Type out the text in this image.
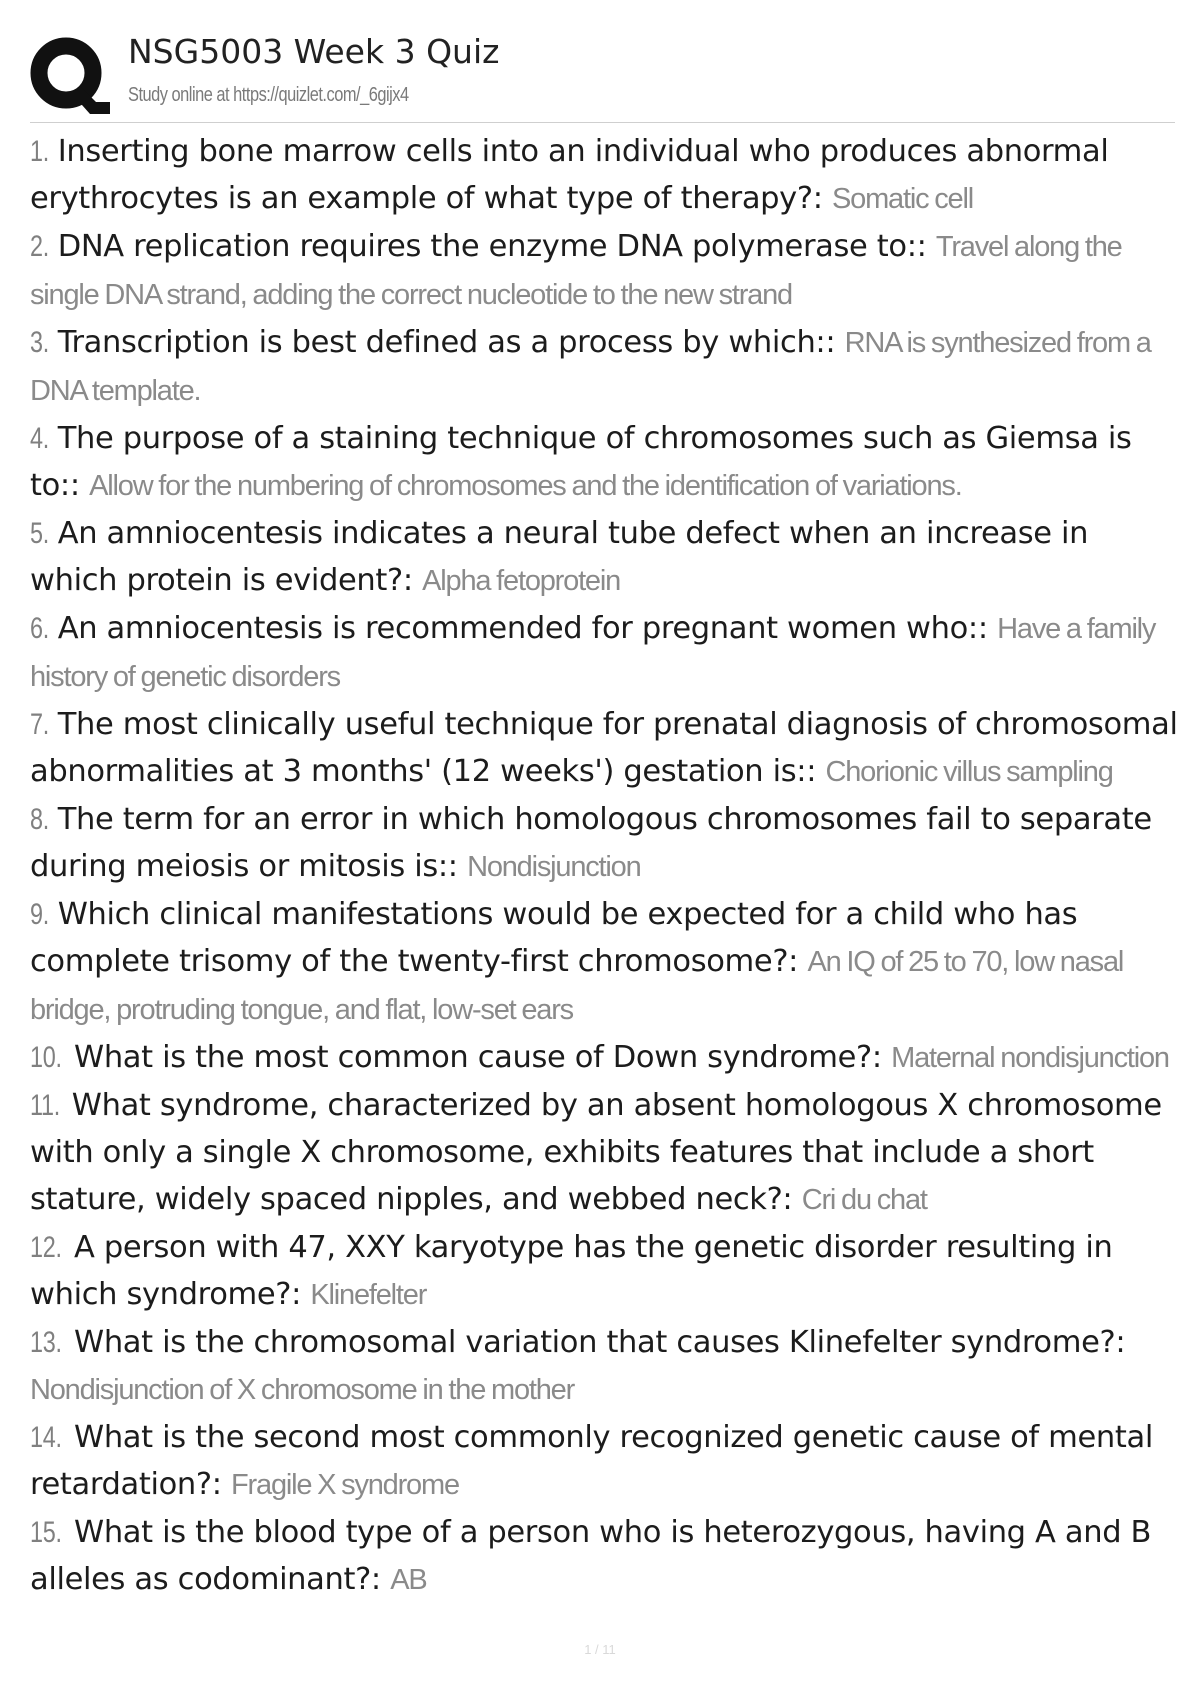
NSG5003 Week 3 Quiz
Study online at https://quizlet.com/_6gijx4
1. Inserting bone marrow cells into an individual who produces abnormal erythrocytes is an example of what type of therapy?: Somatic cell
2. DNA replication requires the enzyme DNA polymerase to:: Travel along the single DNA strand, adding the correct nucleotide to the new strand
3. Transcription is best defined as a process by which:: RNA is synthesized from a DNA template.
4. The purpose of a staining technique of chromosomes such as Giemsa is to:: Allow for the numbering of chromosomes and the identification of variations.
5. An amniocentesis indicates a neural tube defect when an increase in which protein is evident?: Alpha fetoprotein
6. An amniocentesis is recommended for pregnant women who:: Have a family history of genetic disorders
7. The most clinically useful technique for prenatal diagnosis of chromosomal abnormalities at 3 months' (12 weeks') gestation is:: Chorionic villus sampling
8. The term for an error in which homologous chromosomes fail to separate during meiosis or mitosis is:: Nondisjunction
9. Which clinical manifestations would be expected for a child who has complete trisomy of the twenty-first chromosome?: An IQ of 25 to 70, low nasal bridge, protruding tongue, and flat, low-set ears
10. What is the most common cause of Down syndrome?: Maternal nondisjunction
11. What syndrome, characterized by an absent homologous X chromosome with only a single X chromosome, exhibits features that include a short stature, widely spaced nipples, and webbed neck?: Cri du chat
12. A person with 47, XXY karyotype has the genetic disorder resulting in which syndrome?: Klinefelter
13. What is the chromosomal variation that causes Klinefelter syndrome?: Nondisjunction of X chromosome in the mother
14. What is the second most commonly recognized genetic cause of mental retardation?: Fragile X syndrome
15. What is the blood type of a person who is heterozygous, having A and B alleles as codominant?: AB
1 / 11
